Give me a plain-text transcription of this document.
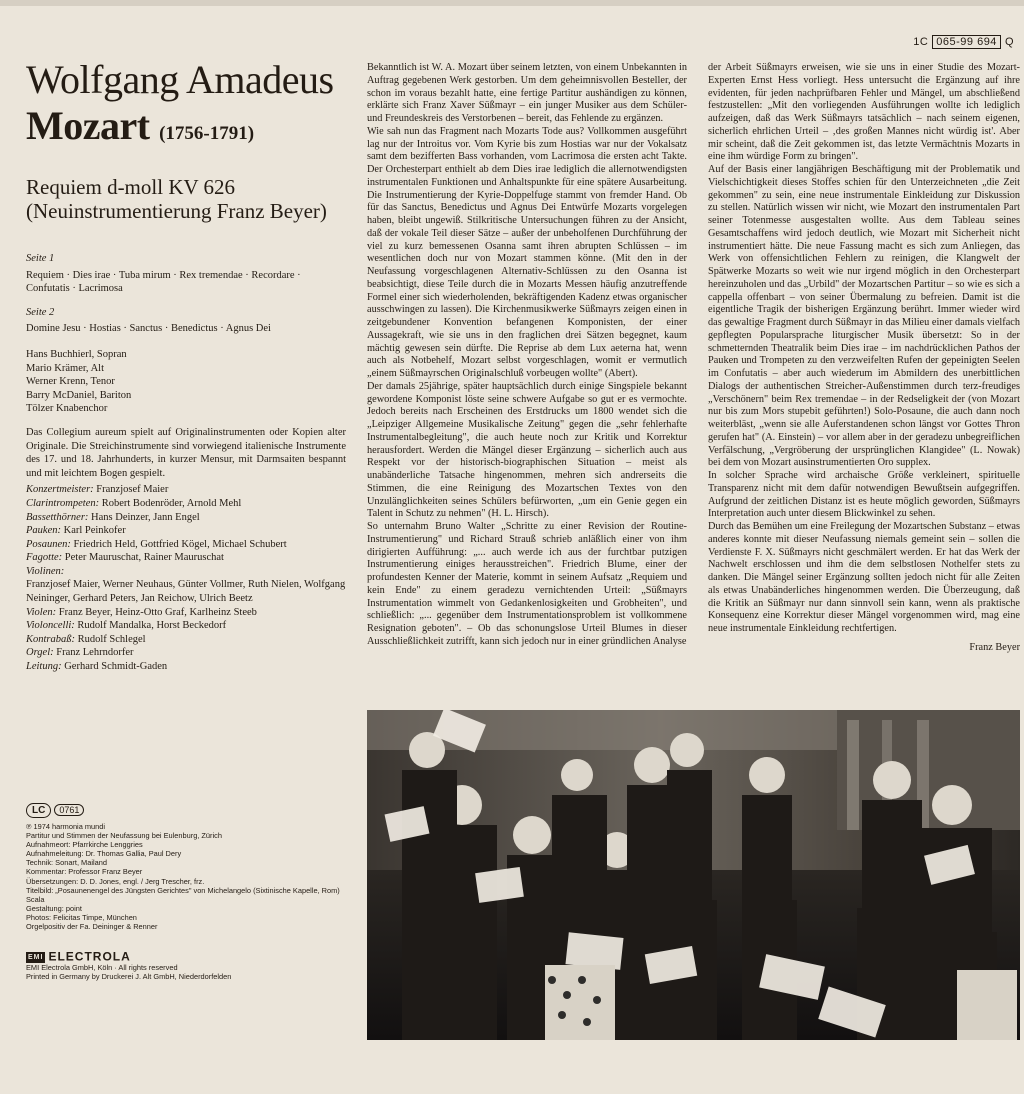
1C 065-99 694 Q
Wolfgang Amadeus
Mozart (1756-1791)
Requiem d-moll KV 626
(Neuinstrumentierung Franz Beyer)
Seite 1
Requiem · Dies irae · Tuba mirum · Rex tremendae · Recordare · Confutatis · Lacrimosa
Seite 2
Domine Jesu · Hostias · Sanctus · Benedictus · Agnus Dei
Hans Buchhierl, Sopran
Mario Krämer, Alt
Werner Krenn, Tenor
Barry McDaniel, Bariton
Tölzer Knabenchor

Das Collegium aureum spielt auf Originalinstrumenten oder Kopien alter Originale. Die Streichinstrumente sind vorwiegend italienische Instrumente des 17. und 18. Jahrhunderts, in kurzer Mensur, mit Darmsaiten bespannt und mit leichtem Bogen gespielt.

Konzertmeister: Franzjosef Maier

Clarintrompeten: Robert Bodenröder, Arnold Mehl

Bassetthörner: Hans Deinzer, Jann Engel

Pauken: Karl Peinkofer

Posaunen: Friedrich Held, Gottfried Kögel, Michael Schubert

Fagotte: Peter Mauruschat, Rainer Mauruschat

Violinen:
Franzjosef Maier, Werner Neuhaus, Günter Vollmer, Ruth Nielen, Wolfgang Neininger, Gerhard Peters, Jan Reichow, Ulrich Beetz

Violen: Franz Beyer, Heinz-Otto Graf, Karlheinz Steeb

Violoncelli: Rudolf Mandalka, Horst Beckedorf

Kontrabaß: Rudolf Schlegel

Orgel: Franz Lehrndorfer

Leitung: Gerhard Schmidt-Gaden

Bekanntlich ist W. A. Mozart über seinem letzten, von einem Unbekannten in Auftrag gegebenen Werk gestorben. Um dem geheimnisvollen Besteller, der schon im voraus bezahlt hatte, eine fertige Partitur aushändigen zu können, erklärte sich Franz Xaver Süßmayr – ein junger Musiker aus dem Schüler- und Freundeskreis des Verstorbenen – bereit, das Fehlende zu ergänzen.

Wie sah nun das Fragment nach Mozarts Tode aus? Vollkommen ausgeführt lag nur der Introitus vor. Vom Kyrie bis zum Hostias war nur der Vokalsatz samt dem bezifferten Bass vorhanden, vom Lacrimosa die ersten acht Takte. Der Orchesterpart enthielt ab dem Dies irae lediglich die allernotwendigsten instrumentalen Funktionen und Anhaltspunkte für eine spätere Ausarbeitung. Die Instrumentierung der Kyrie-Doppelfuge stammt von fremder Hand. Ob für das Sanctus, Benedictus und Agnus Dei Entwürfe Mozarts vorgelegen haben, bleibt ungewiß. Stilkritische Untersuchungen führen zu der Ansicht, daß der vokale Teil dieser Sätze – außer der unbeholfenen Durchführung der viel zu kurz bemessenen Osanna samt ihren abrupten Schlüssen – im wesentlichen doch nur von Mozart stammen könne. (Mit den in der Neufassung vorgeschlagenen Alternativ-Schlüssen zu den Osanna ist beabsichtigt, diese Teile durch die in Mozarts Messen häufig anzutreffende Formel einer sich wiederholenden, bekräftigenden Kadenz etwas organischer ausschwingen zu lassen). Die Kirchenmusikwerke Süßmayrs zeigen einen in zeitgebundener Konvention befangenen Komponisten, der einer Aussagekraft, wie sie uns in den fraglichen drei Sätzen begegnet, kaum mächtig gewesen sein dürfte. Die Reprise ab dem Lux aeterna hat, wenn auch als Notbehelf, Mozart selbst vorgeschlagen, womit er vermutlich „einem Süßmayrschen Originalschluß vorbeugen wollte" (Abert).

Der damals 25jährige, später hauptsächlich durch einige Singspiele bekannt gewordene Komponist löste seine schwere Aufgabe so gut er es vermochte. Jedoch bereits nach Erscheinen des Erstdrucks um 1800 wendet sich die „Leipziger Allgemeine Musikalische Zeitung" gegen die „sehr fehlerhafte Instrumentalbegleitung", die auch heute noch zur Kritik und Korrektur herausfordert. Werden die Mängel dieser Ergänzung – sicherlich auch aus Respekt vor der historisch-biographischen Situation – meist als unabänderliche Tatsache hingenommen, mehren sich andrerseits die Stimmen, die eine Reinigung des Mozartschen Textes von den Unzulänglichkeiten seines Schülers befürworten, „um ein Genie gegen ein Talent in Schutz zu nehmen" (H. L. Hirsch).

So unternahm Bruno Walter „Schritte zu einer Revision der Routine-Instrumentierung" und Richard Strauß schrieb anläßlich einer von ihm dirigierten Aufführung: „... auch werde ich aus der furchtbar putzigen Instrumentierung einiges herausstreichen". Friedrich Blume, einer der profundesten Kenner der Materie, kommt in seinem Aufsatz „Requiem und kein Ende" zu einem geradezu vernichtenden Urteil: „Süßmayrs Instrumentation wimmelt von Gedankenlosigkeiten und Grobheiten", und schließlich: „... gegenüber dem Instrumentationsproblem ist vollkommene Resignation geboten". – Ob das schonungslose Urteil Blumes in dieser Ausschließlichkeit zutrifft, kann sich jedoch nur in einer gründlichen Analyse

der Arbeit Süßmayrs erweisen, wie sie uns in einer Studie des Mozart-Experten Ernst Hess vorliegt. Hess untersucht die Ergänzung auf ihre evidenten, für jeden nachprüfbaren Fehler und Mängel, um abschließend festzustellen: „Mit den vorliegenden Ausführungen wollte ich lediglich aufzeigen, daß das Werk Süßmayrs tatsächlich – nach seinem eigenen, sicherlich ehrlichen Urteil – ‚des großen Mannes nicht würdig ist'. Aber mir scheint, daß die Zeit gekommen ist, das letzte Vermächtnis Mozarts in eine ihm würdige Form zu bringen".

Auf der Basis einer langjährigen Beschäftigung mit der Problematik und Vielschichtigkeit dieses Stoffes schien für den Unterzeichneten „die Zeit gekommen" zu sein, eine neue instrumentale Einkleidung zur Diskussion zu stellen. Natürlich wissen wir nicht, wie Mozart den instrumentalen Part seiner Totenmesse ausgestalten wollte. Aus dem Tableau seines Gesamtschaffens wird jedoch deutlich, wie Mozart mit Sicherheit nicht instrumentiert hätte. Die neue Fassung macht es sich zum Anliegen, das Werk von offensichtlichen Fehlern zu reinigen, die Klangwelt der Spätwerke Mozarts so weit wie nur irgend möglich in den Orchesterpart hereinzuholen und das „Urbild" der Mozartschen Partitur – so wie es sich a cappella offenbart – von seiner Übermalung zu befreien. Damit ist die eigentliche Tragik der bisherigen Ergänzung berührt. Immer wieder wird das gewaltige Fragment durch Süßmayr in das Milieu einer damals vielfach gepflegten Popularsprache liturgischer Musik übersetzt: So in der schmetternden Theatralik beim Dies irae – im nachdrücklichen Pathos der Pauken und Trompeten zu den verzweifelten Rufen der gepeinigten Seelen im Confutatis – aber auch wiederum im Abmildern des unerbittlichen Dialogs der authentischen Streicher-Außenstimmen durch terz-freudiges „Verschönern" beim Rex tremendae – in der Redseligkeit der (von Mozart nur bis zum Mors stupebit geführten!) Solo-Posaune, die auch dann noch weiterbläst, „wenn sie alle Auferstandenen schon längst vor Gottes Thron gerufen hat" (A. Einstein) – vor allem aber in der geradezu unbegreiflichen Verfälschung, „Vergröberung der ursprünglichen Klangidee" (L. Nowak) bei dem von Mozart ausinstrumentierten Oro supplex.

In solcher Sprache wird archaische Größe verkleinert, spirituelle Transparenz nicht mit dem dafür notwendigen Bewußtsein aufgegriffen. Aufgrund der zeitlichen Distanz ist es heute möglich geworden, Süßmayrs Interpretation auch unter diesem Blickwinkel zu sehen.

Durch das Bemühen um eine Freilegung der Mozartschen Substanz – etwas anderes konnte mit dieser Neufassung niemals gemeint sein – sollen die Verdienste F. X. Süßmayrs nicht geschmälert werden. Er hat das Werk der Nachwelt erschlossen und ihm die dem selbstlosen Nothelfer stets zu danken. Die Mängel seiner Ergänzung sollten jedoch nicht für alle Zeiten als etwas Unabänderliches hingenommen werden. Die Überzeugung, daß die Kritik an Süßmayr nur dann sinnvoll sein kann, wenn als praktische Konsequenz eine Korrektur dieser Mängel vorgenommen wird, mag eine neue instrumentale Einkleidung rechtfertigen.

Franz Beyer
LC 0761
℗ 1974 harmonia mundi
Partitur und Stimmen der Neufassung bei Eulenburg, Zürich
Aufnahmeort: Pfarrkirche Lenggries
Aufnahmeleitung: Dr. Thomas Gallia, Paul Dery
Technik: Sonart, Mailand
Kommentar: Professor Franz Beyer
Übersetzungen: D. D. Jones, engl. / Jerg Trescher, frz.
Titelbild: „Posaunenengel des Jüngsten Gerichtes" von Michelangelo (Sixtinische Kapelle, Rom) Scala
Gestaltung: point
Photos: Felicitas Timpe, München
Orgelpositiv der Fa. Deininger & Renner
EMI ELECTROLA
EMI Electrola GmbH, Köln · All rights reserved
Printed in Germany by Druckerei J. Alt GmbH, Niederdorfelden
